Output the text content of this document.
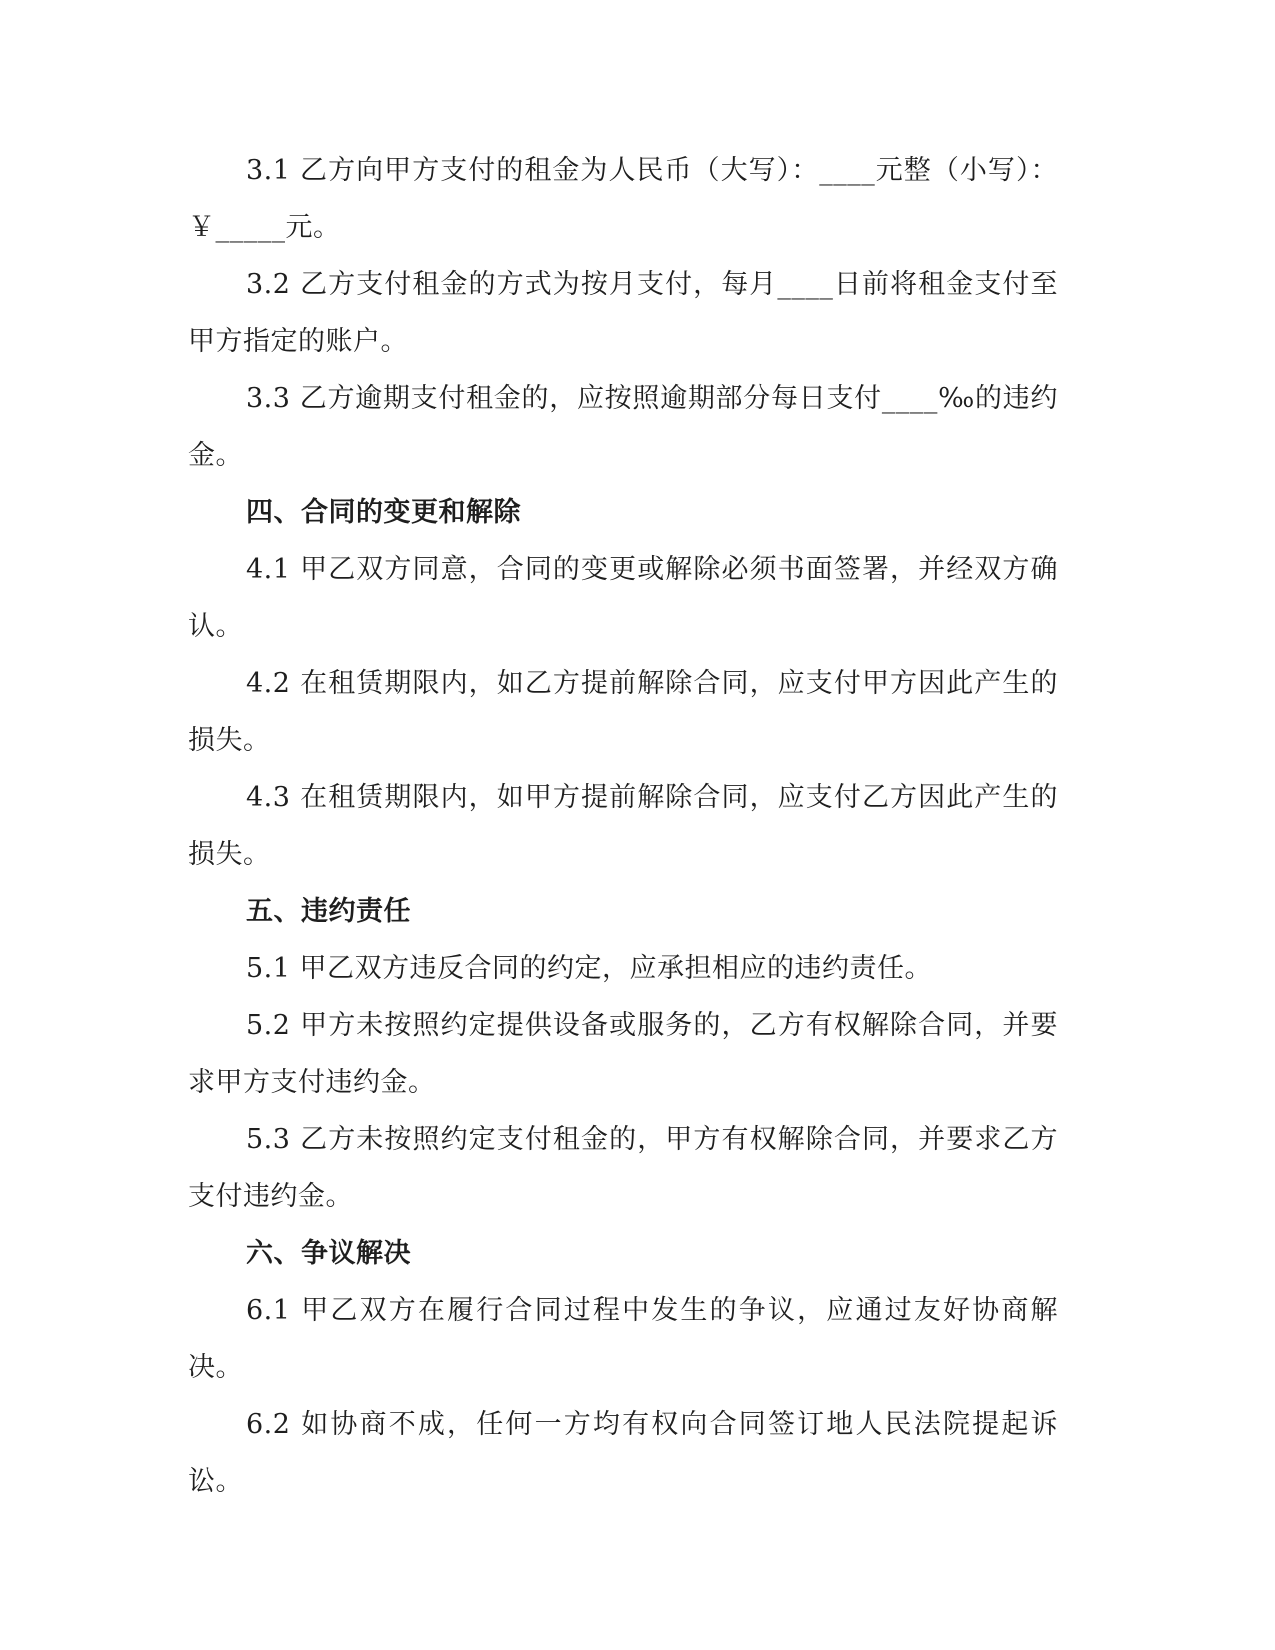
3.1 乙方向甲方支付的租金为人民币（大写）：____元整（小写）：￥_____元。

3.2 乙方支付租金的方式为按月支付，每月____日前将租金支付至甲方指定的账户。

3.3 乙方逾期支付租金的，应按照逾期部分每日支付____‰的违约金。

四、合同的变更和解除

4.1 甲乙双方同意，合同的变更或解除必须书面签署，并经双方确认。

4.2 在租赁期限内，如乙方提前解除合同，应支付甲方因此产生的损失。

4.3 在租赁期限内，如甲方提前解除合同，应支付乙方因此产生的损失。

五、违约责任

5.1 甲乙双方违反合同的约定，应承担相应的违约责任。

5.2 甲方未按照约定提供设备或服务的，乙方有权解除合同，并要求甲方支付违约金。

5.3 乙方未按照约定支付租金的，甲方有权解除合同，并要求乙方支付违约金。

六、争议解决

6.1 甲乙双方在履行合同过程中发生的争议，应通过友好协商解决。

6.2 如协商不成，任何一方均有权向合同签订地人民法院提起诉讼。
